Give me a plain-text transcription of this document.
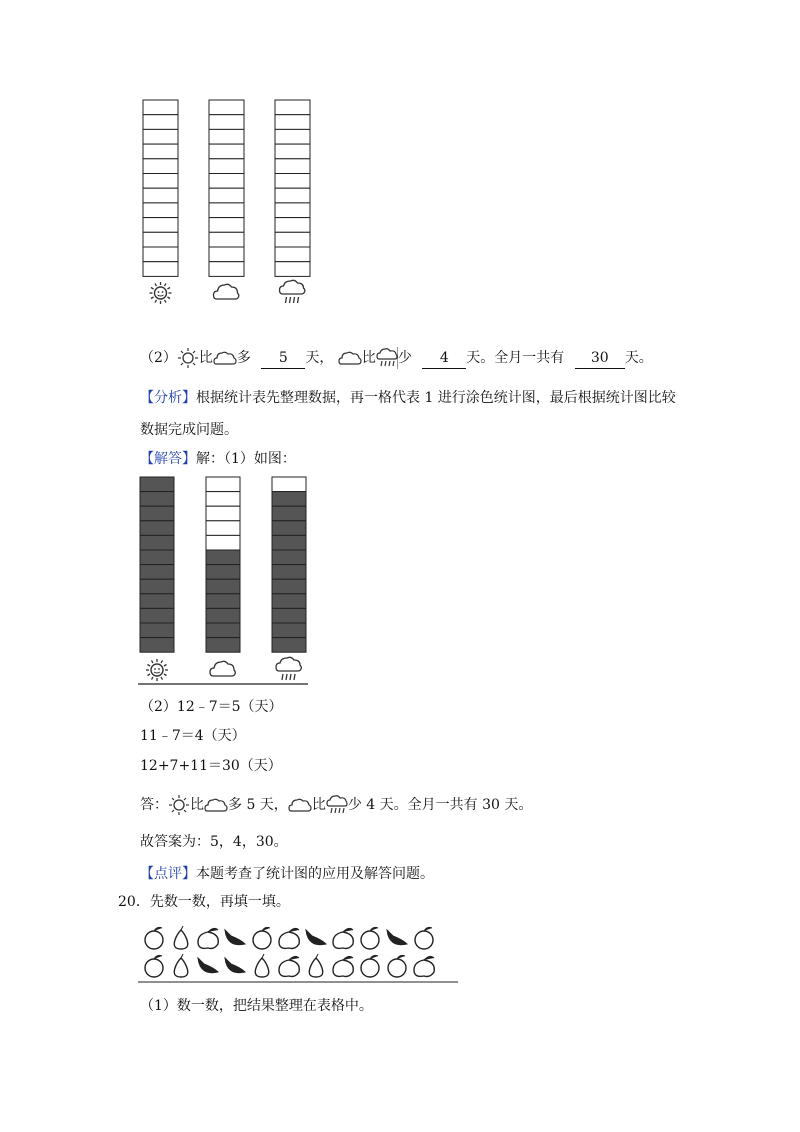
（2） 比 多 5 天， 比 少 4 天。全月一共有 30 天。
【分析】根据统计表先整理数据，再一格代表 1 进行涂色统计图，最后根据统计图比较
数据完成问题。
【解答】解：（1）如图：
（2）12﹣7＝5（天）
11﹣7＝4（天）
12+7+11＝30（天）
答： 比 多 5 天， 比 少 4 天。全月一共有 30 天。
故答案为：5，4，30。
【点评】本题考查了统计图的应用及解答问题。
20．先数一数，再填一填。
（1）数一数，把结果整理在表格中。
